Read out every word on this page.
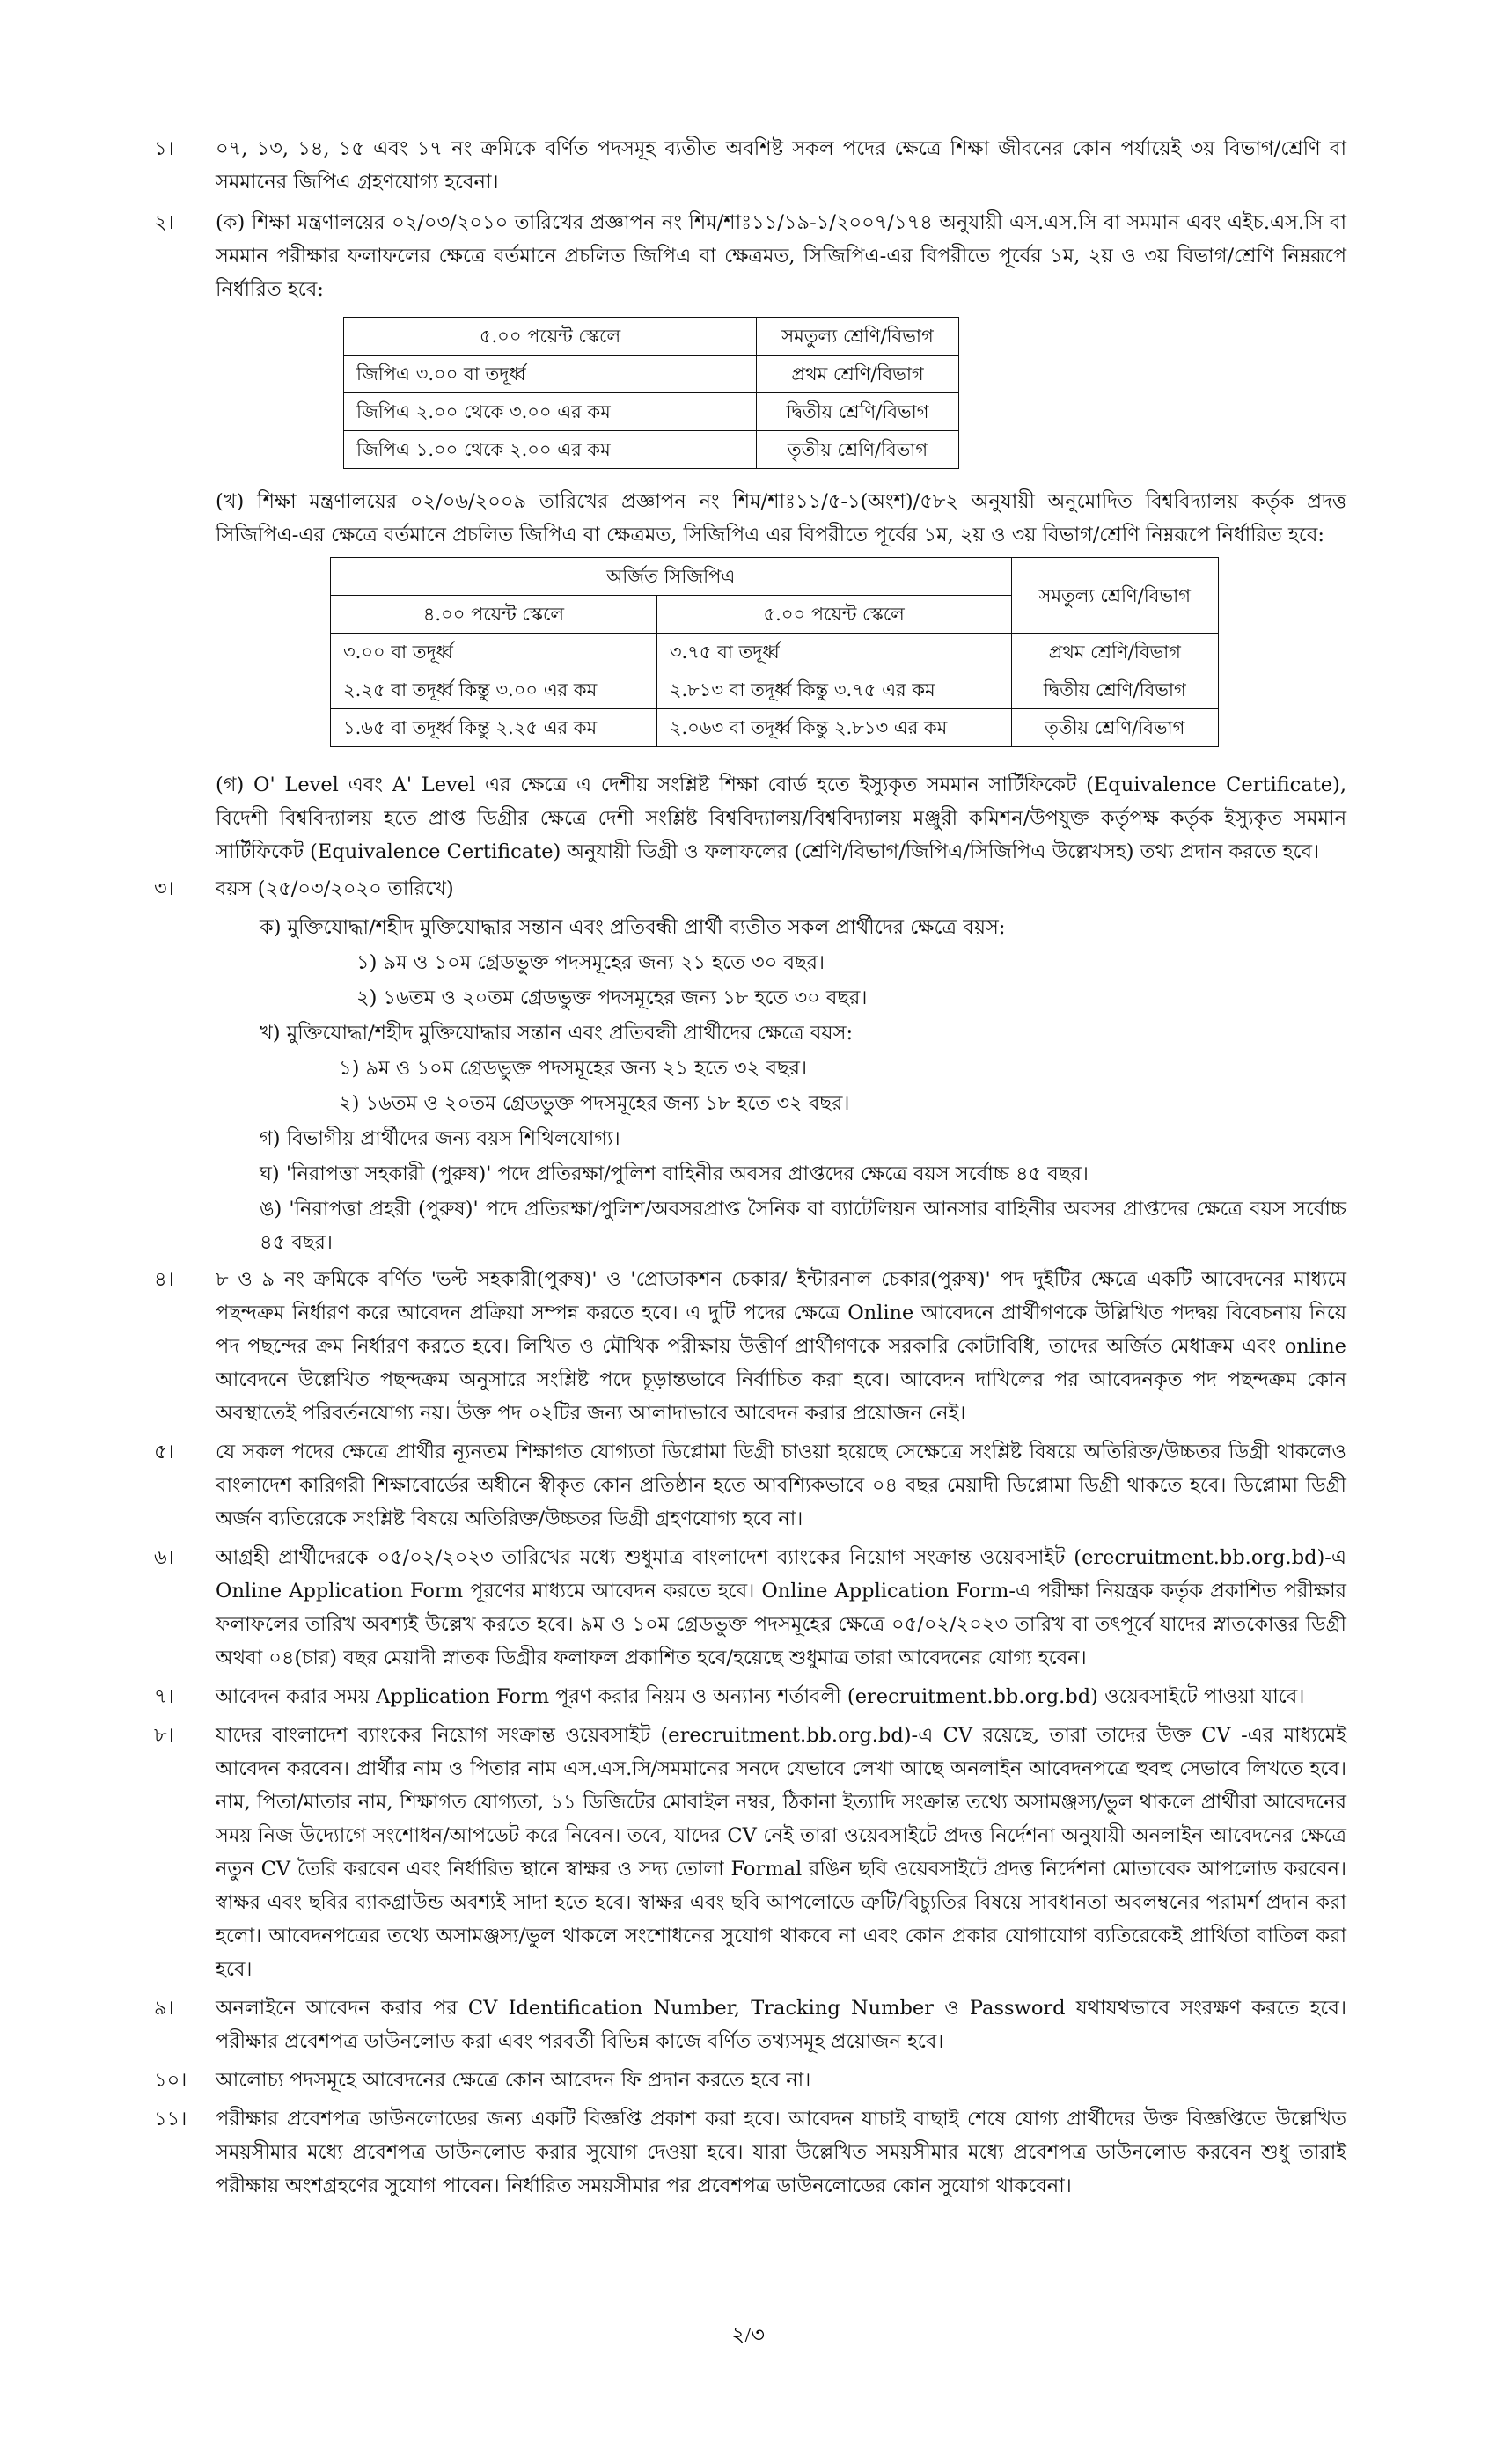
১।	০৭, ১৩, ১৪, ১৫ এবং ১৭ নং ক্রমিকে বর্ণিত পদসমূহ ব্যতীত অবশিষ্ট সকল পদের ক্ষেত্রে শিক্ষা জীবনের কোন পর্যায়েই ৩য় বিভাগ/শ্রেণি বা সমমানের জিপিএ গ্রহণযোগ্য হবেনা।
২।	(ক) শিক্ষা মন্ত্রণালয়ের ০২/০৩/২০১০ তারিখের প্রজ্ঞাপন নং শিম/শাঃ১১/১৯-১/২০০৭/১৭৪ অনুযায়ী এস.এস.সি বা সমমান এবং এইচ.এস.সি বা সমমান পরীক্ষার ফলাফলের ক্ষেত্রে বর্তমানে প্রচলিত জিপিএ বা ক্ষেত্রমত, সিজিপিএ-এর বিপরীতে পূর্বের ১ম, ২য় ও ৩য় বিভাগ/শ্রেণি নিম্নরূপে নির্ধারিত হবে:
৫.০০ পয়েন্ট স্কেলে	সমতুল্য শ্রেণি/বিভাগ
জিপিএ ৩.০০ বা তদূর্ধ্ব	প্রথম শ্রেণি/বিভাগ
জিপিএ ২.০০ থেকে ৩.০০ এর কম	দ্বিতীয় শ্রেণি/বিভাগ
জিপিএ ১.০০ থেকে ২.০০ এর কম	তৃতীয় শ্রেণি/বিভাগ
(খ) শিক্ষা মন্ত্রণালয়ের ০২/০৬/২০০৯ তারিখের প্রজ্ঞাপন নং শিম/শাঃ১১/৫-১(অংশ)/৫৮২ অনুযায়ী অনুমোদিত বিশ্ববিদ্যালয় কর্তৃক প্রদত্ত সিজিপিএ-এর ক্ষেত্রে বর্তমানে প্রচলিত জিপিএ বা ক্ষেত্রমত, সিজিপিএ এর বিপরীতে পূর্বের ১ম, ২য় ও ৩য় বিভাগ/শ্রেণি নিম্নরূপে নির্ধারিত হবে:
অর্জিত সিজিপিএ		সমতুল্য শ্রেণি/বিভাগ
৪.০০ পয়েন্ট স্কেলে	৫.০০ পয়েন্ট স্কেলে	
৩.০০ বা তদূর্ধ্ব	৩.৭৫ বা তদূর্ধ্ব	প্রথম শ্রেণি/বিভাগ
২.২৫ বা তদূর্ধ্ব কিন্তু ৩.০০ এর কম	২.৮১৩ বা তদূর্ধ্ব কিন্তু ৩.৭৫ এর কম	দ্বিতীয় শ্রেণি/বিভাগ
১.৬৫ বা তদূর্ধ্ব কিন্তু ২.২৫ এর কম	২.০৬৩ বা তদূর্ধ্ব কিন্তু ২.৮১৩ এর কম	তৃতীয় শ্রেণি/বিভাগ
(গ) O' Level এবং A' Level এর ক্ষেত্রে এ দেশীয় সংশ্লিষ্ট শিক্ষা বোর্ড হতে ইস্যুকৃত সমমান সার্টিফিকেট (Equivalence Certificate), বিদেশী বিশ্ববিদ্যালয় হতে প্রাপ্ত ডিগ্রীর ক্ষেত্রে দেশী সংশ্লিষ্ট বিশ্ববিদ্যালয়/বিশ্ববিদ্যালয় মঞ্জুরী কমিশন/উপযুক্ত কর্তৃপক্ষ কর্তৃক ইস্যুকৃত সমমান সার্টিফিকেট (Equivalence Certificate) অনুযায়ী ডিগ্রী ও ফলাফলের (শ্রেণি/বিভাগ/জিপিএ/সিজিপিএ উল্লেখসহ) তথ্য প্রদান করতে হবে।
৩।	বয়স (২৫/০৩/২০২০ তারিখে)
ক) মুক্তিযোদ্ধা/শহীদ মুক্তিযোদ্ধার সন্তান এবং প্রতিবন্ধী প্রার্থী ব্যতীত সকল প্রার্থীদের ক্ষেত্রে বয়স:
১) ৯ম ও ১০ম গ্রেডভুক্ত পদসমূহের জন্য ২১ হতে ৩০ বছর।
২) ১৬তম ও ২০তম গ্রেডভুক্ত পদসমূহের জন্য ১৮ হতে ৩০ বছর।
খ) মুক্তিযোদ্ধা/শহীদ মুক্তিযোদ্ধার সন্তান এবং প্রতিবন্ধী প্রার্থীদের ক্ষেত্রে বয়স:
১) ৯ম ও ১০ম গ্রেডভুক্ত পদসমূহের জন্য ২১ হতে ৩২ বছর।
২) ১৬তম ও ২০তম গ্রেডভুক্ত পদসমূহের জন্য ১৮ হতে ৩২ বছর।
গ) বিভাগীয় প্রার্থীদের জন্য বয়স শিথিলযোগ্য।
ঘ) 'নিরাপত্তা সহকারী (পুরুষ)' পদে প্রতিরক্ষা/পুলিশ বাহিনীর অবসর প্রাপ্তদের ক্ষেত্রে বয়স সর্বোচ্চ ৪৫ বছর।
ঙ) 'নিরাপত্তা প্রহরী (পুরুষ)' পদে প্রতিরক্ষা/পুলিশ/অবসরপ্রাপ্ত সৈনিক বা ব্যাটেলিয়ন আনসার বাহিনীর অবসর প্রাপ্তদের ক্ষেত্রে বয়স সর্বোচ্চ ৪৫ বছর।
৪।	৮ ও ৯ নং ক্রমিকে বর্ণিত 'ভল্ট সহকারী(পুরুষ)' ও 'প্রোডাকশন চেকার/ ইন্টারনাল চেকার(পুরুষ)' পদ দুইটির ক্ষেত্রে একটি আবেদনের মাধ্যমে পছন্দক্রম নির্ধারণ করে আবেদন প্রক্রিয়া সম্পন্ন করতে হবে। এ দুটি পদের ক্ষেত্রে Online আবেদনে প্রার্থীগণকে উল্লিখিত পদদ্বয় বিবেচনায় নিয়ে পদ পছন্দের ক্রম নির্ধারণ করতে হবে। লিখিত ও মৌখিক পরীক্ষায় উত্তীর্ণ প্রার্থীগণকে সরকারি কোটাবিধি, তাদের অর্জিত মেধাক্রম এবং online আবেদনে উল্লেখিত পছন্দক্রম অনুসারে সংশ্লিষ্ট পদে চূড়ান্তভাবে নির্বাচিত করা হবে। আবেদন দাখিলের পর আবেদনকৃত পদ পছন্দক্রম কোন অবস্থাতেই পরিবর্তনযোগ্য নয়। উক্ত পদ ০২টির জন্য আলাদাভাবে আবেদন করার প্রয়োজন নেই।
৫।	যে সকল পদের ক্ষেত্রে প্রার্থীর ন্যূনতম শিক্ষাগত যোগ্যতা ডিপ্লোমা ডিগ্রী চাওয়া হয়েছে সেক্ষেত্রে সংশ্লিষ্ট বিষয়ে অতিরিক্ত/উচ্চতর ডিগ্রী থাকলেও বাংলাদেশ কারিগরী শিক্ষাবোর্ডের অধীনে স্বীকৃত কোন প্রতিষ্ঠান হতে আবশ্যিকভাবে ০৪ বছর মেয়াদী ডিপ্লোমা ডিগ্রী থাকতে হবে। ডিপ্লোমা ডিগ্রী অর্জন ব্যতিরেকে সংশ্লিষ্ট বিষয়ে অতিরিক্ত/উচ্চতর ডিগ্রী গ্রহণযোগ্য হবে না।
৬।	আগ্রহী প্রার্থীদেরকে ০৫/০২/২০২৩ তারিখের মধ্যে শুধুমাত্র বাংলাদেশ ব্যাংকের নিয়োগ সংক্রান্ত ওয়েবসাইট (erecruitment.bb.org.bd)-এ Online Application Form পূরণের মাধ্যমে আবেদন করতে হবে। Online Application Form-এ পরীক্ষা নিয়ন্ত্রক কর্তৃক প্রকাশিত পরীক্ষার ফলাফলের তারিখ অবশ্যই উল্লেখ করতে হবে। ৯ম ও ১০ম গ্রেডভুক্ত পদসমূহের ক্ষেত্রে ০৫/০২/২০২৩ তারিখ বা তৎপূর্বে যাদের স্নাতকোত্তর ডিগ্রী অথবা ০৪(চার) বছর মেয়াদী স্নাতক ডিগ্রীর ফলাফল প্রকাশিত হবে/হয়েছে শুধুমাত্র তারা আবেদনের যোগ্য হবেন।
৭।	আবেদন করার সময় Application Form পূরণ করার নিয়ম ও অন্যান্য শর্তাবলী (erecruitment.bb.org.bd) ওয়েবসাইটে পাওয়া যাবে।
৮।	যাদের বাংলাদেশ ব্যাংকের নিয়োগ সংক্রান্ত ওয়েবসাইট (erecruitment.bb.org.bd)-এ CV রয়েছে, তারা তাদের উক্ত CV -এর মাধ্যমেই আবেদন করবেন। প্রার্থীর নাম ও পিতার নাম এস.এস.সি/সমমানের সনদে যেভাবে লেখা আছে অনলাইন আবেদনপত্রে হুবহু সেভাবে লিখতে হবে। নাম, পিতা/মাতার নাম, শিক্ষাগত যোগ্যতা, ১১ ডিজিটের মোবাইল নম্বর, ঠিকানা ইত্যাদি সংক্রান্ত তথ্যে অসামঞ্জস্য/ভুল থাকলে প্রার্থীরা আবেদনের সময় নিজ উদ্যোগে সংশোধন/আপডেট করে নিবেন। তবে, যাদের CV নেই তারা ওয়েবসাইটে প্রদত্ত নির্দেশনা অনুযায়ী অনলাইন আবেদনের ক্ষেত্রে নতুন CV তৈরি করবেন এবং নির্ধারিত স্থানে স্বাক্ষর ও সদ্য তোলা Formal রঙিন ছবি ওয়েবসাইটে প্রদত্ত নির্দেশনা মোতাবেক আপলোড করবেন। স্বাক্ষর এবং ছবির ব্যাকগ্রাউন্ড অবশ্যই সাদা হতে হবে। স্বাক্ষর এবং ছবি আপলোডে ত্রুটি/বিচ্যুতির বিষয়ে সাবধানতা অবলম্বনের পরামর্শ প্রদান করা হলো। আবেদনপত্রের তথ্যে অসামঞ্জস্য/ভুল থাকলে সংশোধনের সুযোগ থাকবে না এবং কোন প্রকার যোগাযোগ ব্যতিরেকেই প্রার্থিতা বাতিল করা হবে।
৯।	অনলাইনে আবেদন করার পর CV Identification Number, Tracking Number ও Password যথাযথভাবে সংরক্ষণ করতে হবে। পরীক্ষার প্রবেশপত্র ডাউনলোড করা এবং পরবর্তী বিভিন্ন কাজে বর্ণিত তথ্যসমূহ প্রয়োজন হবে।
১০।	আলোচ্য পদসমূহে আবেদনের ক্ষেত্রে কোন আবেদন ফি প্রদান করতে হবে না।
১১।	পরীক্ষার প্রবেশপত্র ডাউনলোডের জন্য একটি বিজ্ঞপ্তি প্রকাশ করা হবে। আবেদন যাচাই বাছাই শেষে যোগ্য প্রার্থীদের উক্ত বিজ্ঞপ্তিতে উল্লেখিত সময়সীমার মধ্যে প্রবেশপত্র ডাউনলোড করার সুযোগ দেওয়া হবে। যারা উল্লেখিত সময়সীমার মধ্যে প্রবেশপত্র ডাউনলোড করবেন শুধু তারাই পরীক্ষায় অংশগ্রহণের সুযোগ পাবেন। নির্ধারিত সময়সীমার পর প্রবেশপত্র ডাউনলোডের কোন সুযোগ থাকবেনা।
২/৩
